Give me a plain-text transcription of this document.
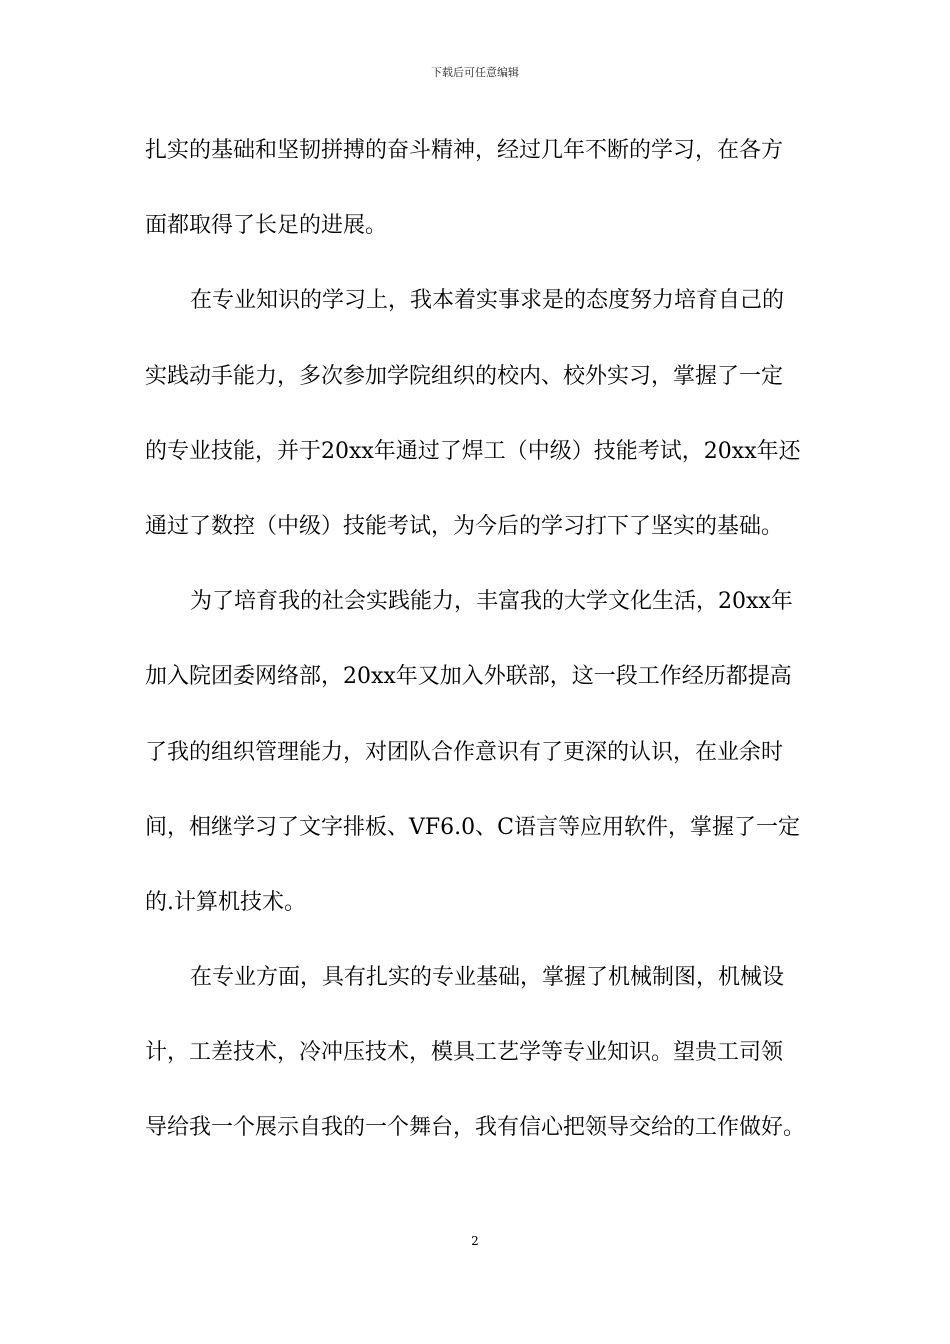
下载后可任意编辑
扎实的基础和坚韧拼搏的奋斗精神，经过几年不断的学习，在各方
面都取得了长足的进展。
在专业知识的学习上，我本着实事求是的态度努力培育自己的
实践动手能力，多次参加学院组织的校内、校外实习，掌握了一定
的专业技能，并于20xx年通过了焊工（中级）技能考试，20xx年还
通过了数控（中级）技能考试，为今后的学习打下了坚实的基础。
为了培育我的社会实践能力，丰富我的大学文化生活，20xx年
加入院团委网络部，20xx年又加入外联部，这一段工作经历都提高
了我的组织管理能力，对团队合作意识有了更深的认识，在业余时
间，相继学习了文字排板、VF6.0、C语言等应用软件，掌握了一定
的.计算机技术。
在专业方面，具有扎实的专业基础，掌握了机械制图，机械设
计，工差技术，冷冲压技术，模具工艺学等专业知识。望贵工司领
导给我一个展示自我的一个舞台，我有信心把领导交给的工作做好。
2
